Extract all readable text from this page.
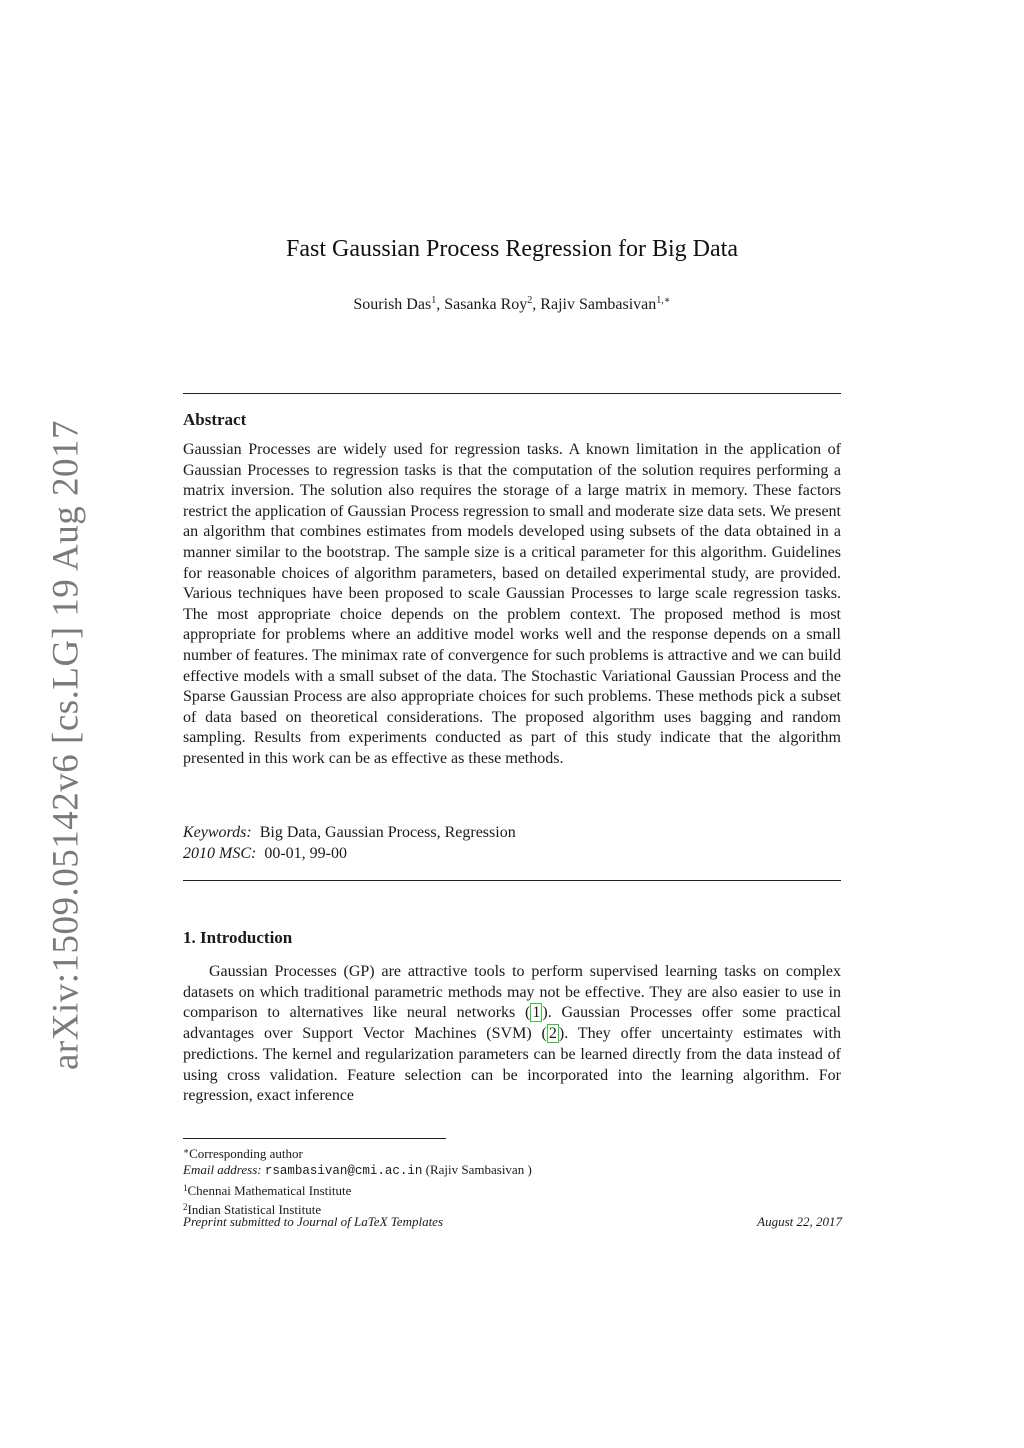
arXiv:1509.05142v6 [cs.LG] 19 Aug 2017
Fast Gaussian Process Regression for Big Data
Sourish Das$^1$, Sasanka Roy$^2$, Rajiv Sambasivan$^{1,∗}$
Abstract
Gaussian Processes are widely used for regression tasks. A known limitation in the application of Gaussian Processes to regression tasks is that the computation of the solution requires performing a matrix inversion. The solution also requires the storage of a large matrix in memory. These factors restrict the application of Gaussian Process regression to small and moderate size data sets. We present an algorithm that combines estimates from models developed using subsets of the data obtained in a manner similar to the bootstrap. The sample size is a critical parameter for this algorithm. Guidelines for reasonable choices of algorithm parameters, based on detailed experimental study, are provided. Various techniques have been proposed to scale Gaussian Processes to large scale regression tasks. The most appropriate choice depends on the problem context. The proposed method is most appropriate for problems where an additive model works well and the response depends on a small number of features. The minimax rate of convergence for such problems is attractive and we can build effective models with a small subset of the data. The Stochastic Variational Gaussian Process and the Sparse Gaussian Process are also appropriate choices for such problems. These methods pick a subset of data based on theoretical considerations. The proposed algorithm uses bagging and random sampling. Results from experiments conducted as part of this study indicate that the algorithm presented in this work can be as effective as these methods.
Keywords: Big Data, Gaussian Process, Regression
2010 MSC: 00-01, 99-00
1. Introduction
Gaussian Processes (GP) are attractive tools to perform supervised learning tasks on complex datasets on which traditional parametric methods may not be effective. They are also easier to use in comparison to alternatives like neural networks ( 1 ). Gaussian Processes offer some practical advantages over Support Vector Machines (SVM) ( 2 ). They offer uncertainty estimates with predictions. The kernel and regularization parameters can be learned directly from the data instead of using cross validation. Feature selection can be incorporated into the learning algorithm. For regression, exact inference
∗Corresponding author
Email address: rsambasivan@cmi.ac.in (Rajiv Sambasivan )
$^1$Chennai Mathematical Institute
$^2$Indian Statistical Institute
Preprint submitted to Journal of LaTeX Templates	August 22, 2017
